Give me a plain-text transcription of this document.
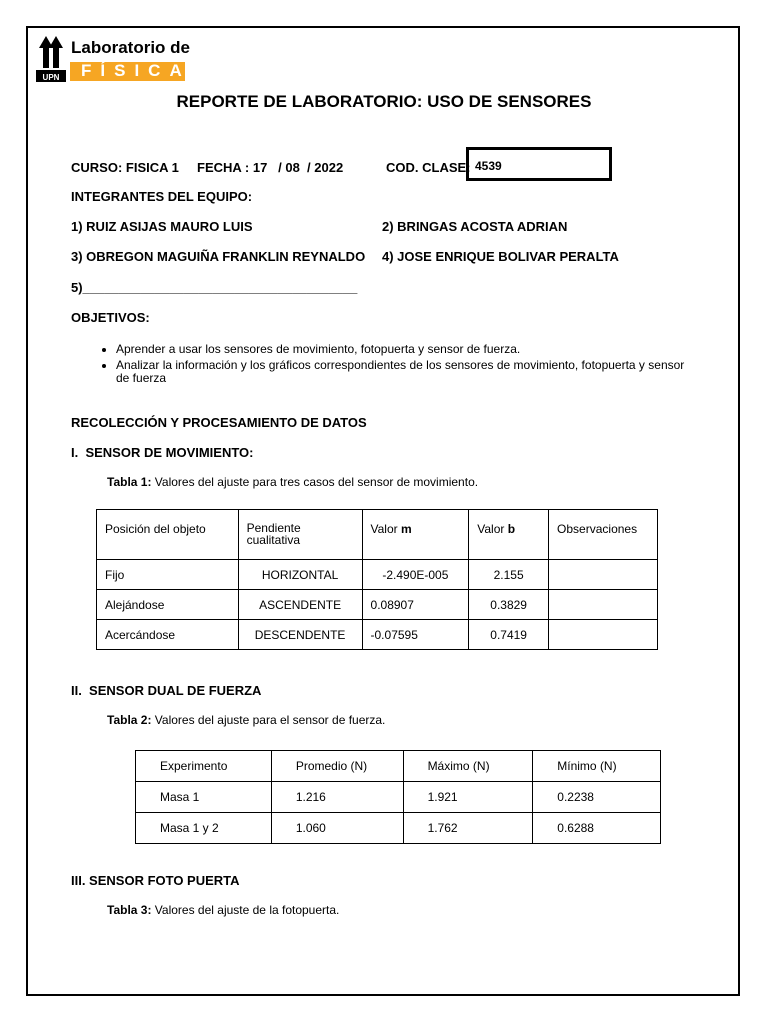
UPN
Laboratorio de
FÍSICA
REPORTE DE LABORATORIO: USO DE SENSORES
CURSO: FISICA 1 FECHA : 17   / 08  / 2022	COD. CLASE: 4539
INTEGRANTES DEL EQUIPO:
1) RUIZ ASIJAS MAURO LUIS	2) BRINGAS ACOSTA ADRIAN
3) OBREGON MAGUIÑA FRANKLIN REYNALDO 4) JOSE ENRIQUE BOLIVAR PERALTA
5)______________________________________
OBJETIVOS:
• Aprender a usar los sensores de movimiento, fotopuerta y sensor de fuerza.
• Analizar la información y los gráficos correspondientes de los sensores de movimiento, fotopuerta y sensor de fuerza
RECOLECCIÓN Y PROCESAMIENTO DE DATOS
I.  SENSOR DE MOVIMIENTO:
Tabla 1: Valores del ajuste para tres casos del sensor de movimiento.
Posición del objeto	Pendiente cualitativa	Valor m	Valor b	Observaciones
Fijo	HORIZONTAL	-2.490E-005	2.155	
Alejándose	ASCENDENTE	0.08907	0.3829	
Acercándose	DESCENDENTE	-0.07595	0.7419	
II.  SENSOR DUAL DE FUERZA
Tabla 2: Valores del ajuste para el sensor de fuerza.
Experimento	Promedio (N)	Máximo (N)	Mínimo (N)
Masa 1	1.216	1.921	0.2238
Masa 1 y 2	1.060	1.762	0.6288
III. SENSOR FOTO PUERTA
Tabla 3: Valores del ajuste de la fotopuerta.
